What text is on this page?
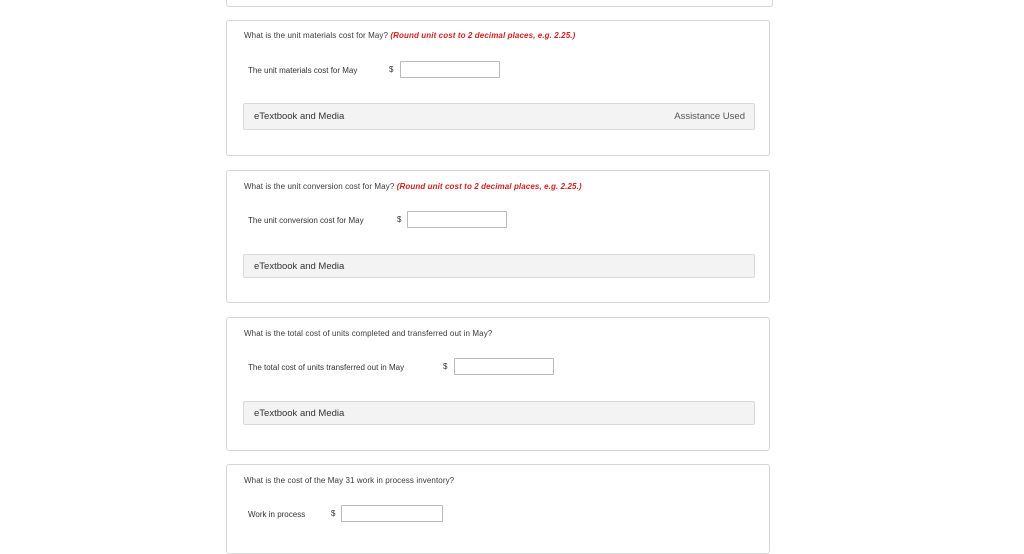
What is the unit materials cost for May? (Round unit cost to 2 decimal places, e.g. 2.25.)
The unit materials cost for May	$
eTextbook and Media	Assistance Used
What is the unit conversion cost for May? (Round unit cost to 2 decimal places, e.g. 2.25.)
The unit conversion cost for May	$
eTextbook and Media
What is the total cost of units completed and transferred out in May?
The total cost of units transferred out in May	$
eTextbook and Media
What is the cost of the May 31 work in process inventory?
Work in process	$
